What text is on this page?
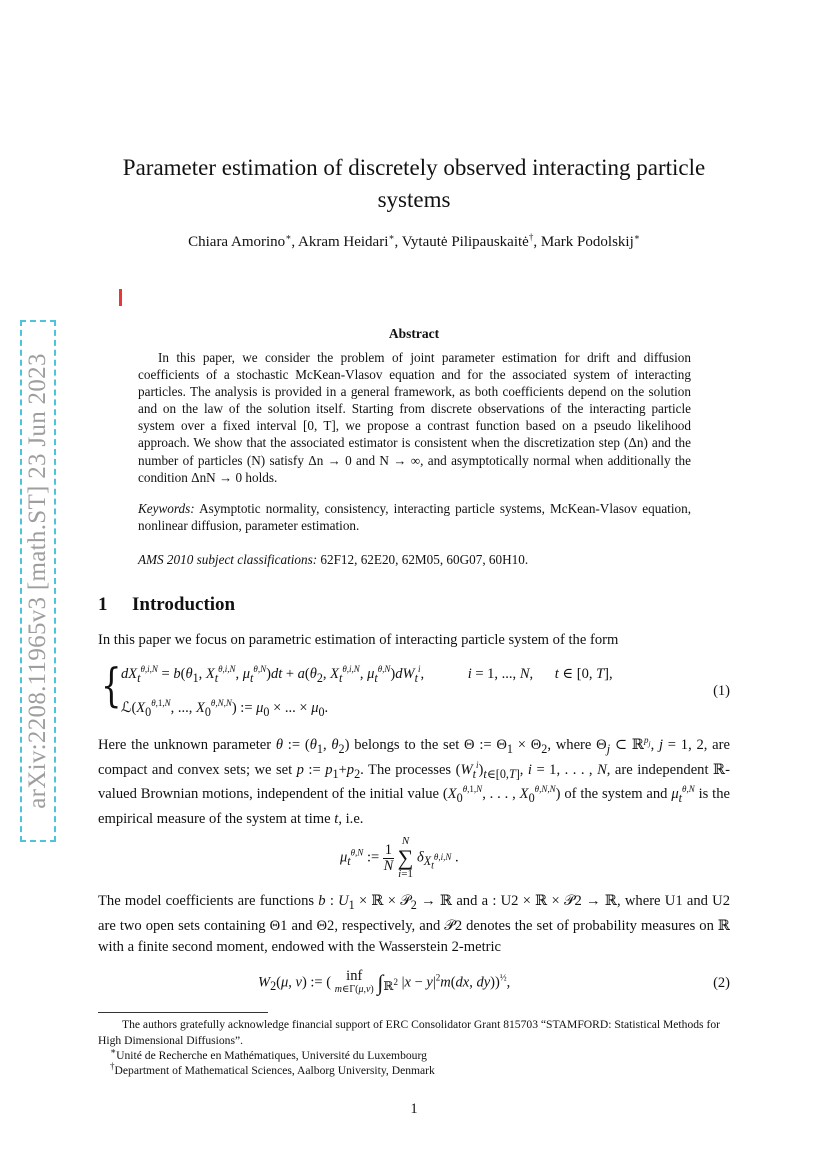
arXiv:2208.11965v3 [math.ST] 23 Jun 2023
Parameter estimation of discretely observed interacting particle
systems
Chiara Amorino∗, Akram Heidari∗, Vytautė Pilipauskaitė†, Mark Podolskij∗
Abstract
In this paper, we consider the problem of joint parameter estimation for drift and diffusion coefficients of a stochastic McKean-Vlasov equation and for the associated system of interacting particles. The analysis is provided in a general framework, as both coefficients depend on the solution and on the law of the solution itself. Starting from discrete observations of the interacting particle system over a fixed interval [0, T], we propose a contrast function based on a pseudo likelihood approach. We show that the associated estimator is consistent when the discretization step (Δn) and the number of particles (N) satisfy Δn → 0 and N → ∞, and asymptotically normal when additionally the condition ΔnN → 0 holds.
Keywords: Asymptotic normality, consistency, interacting particle systems, McKean-Vlasov equation, nonlinear diffusion, parameter estimation.
AMS 2010 subject classifications: 62F12, 62E20, 62M05, 60G07, 60H10.
1 Introduction
In this paper we focus on parametric estimation of interacting particle system of the form
{ $dX_t^{\theta,i,N} = b(\theta_1$, $X_t^{\theta,i,N}$, $\mu_t^{\theta,N})dt + a(\theta_2$, $X_t^{\theta,i,N}$, $\mu_t^{\theta,N})dW_t^i$,	i = 1, ..., N, t ∈ [0, T],
$ℒ(X_0^{\theta,1,N}$, ..., $X_0^{\theta,N,N}$) := $\mu_0$ × ... × $\mu_0$.
(1)
Here the unknown parameter θ := ($\theta_1$, $\theta_2$) belongs to the set Θ := $\Theta_1 \times \Theta_2$, where $\Theta_j$ ⊂ ℝ$^{p_j}$, j = 1, 2, are compact and convex sets; we set p := $p_1+p_2$. The processes $(W_t^i)_{t\in[0,T]}$, i = 1, . . . , N, are independent ℝ-valued Brownian motions, independent of the initial value ($X_0^{\theta,1,N}$, . . . , $X_0^{\theta,N,N}$) of the system and $\mu_t^{\theta,N}$ is the empirical measure of the system at time t, i.e.
$\mu_t^{\theta,N}$ := $\frac{1}{N}$

N
∑
i=1
$\delta_{X_t^{\theta,i,N}}$ .
The model coefficients are functions b : $U_1$ × ℝ × 𝒫$_2$ → ℝ and a : U2 × ℝ × 𝒫2 → ℝ, where U1 and U2 are two open sets containing Θ1 and Θ2, respectively, and 𝒫2 denotes the set of probability measures on ℝ with a finite second moment, endowed with the Wasserstein 2-metric
$W_2(\mu$, ν) := ( inf
m∈Γ(μ,ν) $\int_{ℝ^2}$ $|x - y|^2m(dx$, dy))$^{\frac{1}{2}}$,	(2)
The authors gratefully acknowledge financial support of ERC Consolidator Grant 815703 “STAMFORD: Statistical Methods for High Dimensional Diffusions”.
∗Unité de Recherche en Mathématiques, Université du Luxembourg
†Department of Mathematical Sciences, Aalborg University, Denmark
1
